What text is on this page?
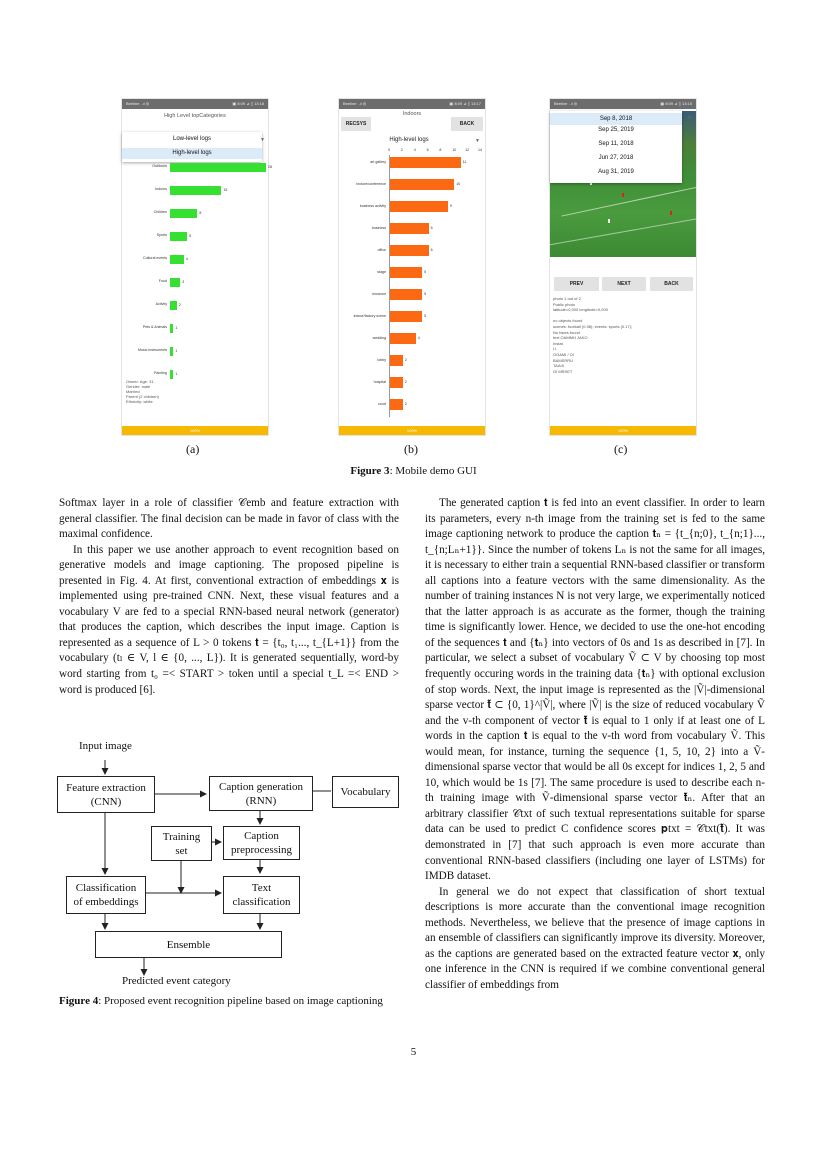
Beeline ..ıl ◎	▣ 8:09 ⊿ ▯ 13:18
High Level topCategories
Low-level logs
High-level logs
▼
Outdoors	28
Indoors	15
Children	8
Sports	5
Cultural events	4
Food	3
Activity	2
Pets & Animals 1
Music instruments 1
Painting 1
Owner: Age: 31
Gender: male
Married
Parent (2 children)
Ethnicity: white
100%
Beeline ..ıl ◎	▣ 8:09 ⊿ ▯ 13:17
Indoors
RECSYS	BACK
High-level logs	▼
0	2	4	6	8	10 12 14
art gallery	11
lecture/conference	10
business activity	9
business	6
office	6
stage	5
museum	5
indoor/factory scene	5
wedding	4
lobby	2
hospital	2
court	2
100%
Beeline ..ıl ◎	▣ 8:09 ⊿ ▯ 13:15
Sep 8, 2018
Sep 25, 2019
Sep 11, 2018
Jun 27, 2018
Aug 31, 2019
▼
PREV	NEXT	BACK
photo 1 out of 2
Public photo
latitude=0,000 longitude=0,000
no objects found
scenes: football (0.98); events: sports (0.17);
No faces found
text OAMMH JAKO
Instat
I.I.
OOAMI / OI
BAMSRRU
TAAIII
OI MRSET
100%
(a)	(b)	(c)
Figure 3: Mobile demo GUI

Softmax layer in a role of classifier 𝒞emb and feature extraction with general classifier. The final decision can be made in favor of class with the maximal confidence.

In this paper we use another approach to event recognition based on generative models and image captioning. The proposed pipeline is presented in Fig. 4. At first, conventional extraction of embeddings 𝐱 is implemented using pre-trained CNN. Next, these visual features and a vocabulary V are fed to a special RNN-based neural network (generator) that produces the caption, which describes the input image. Caption is represented as a sequence of L > 0 tokens 𝐭 = {t₀, t₁..., t_{L+1}} from the vocabulary (tₗ ∈ V, l ∈ {0, ..., L}). It is generated sequentially, word-by word starting from t₀ =< START > token until a special t_L =< END > word is produced [6].

Input image
Feature extraction
(CNN)
Caption generation
(RNN)
Vocabulary
Training
set
Caption
preprocessing
Classification
of embeddings
Text
classification
Ensemble
Predicted event category
Figure 4: Proposed event recognition pipeline based on image captioning

The generated caption 𝐭 is fed into an event classifier. In order to learn its parameters, every n-th image from the training set is fed to the same image captioning network to produce the caption 𝐭ₙ = {t_{n;0}, t_{n;1}..., t_{n;Lₙ+1}}. Since the number of tokens Lₙ is not the same for all images, it is necessary to either train a sequential RNN-based classifier or transform all captions into a feature vectors with the same dimensionality. As the number of training instances N is not very large, we experimentally noticed that the latter approach is as accurate as the former, though the training time is significantly lower. Hence, we decided to use the one-hot encoding of the sequences 𝐭 and {𝐭ₙ} into vectors of 0s and 1s as described in [7]. In particular, we select a subset of vocabulary Ṽ ⊂ V by choosing top most frequently occuring words in the training data {𝐭ₙ} with optional exclusion of stop words. Next, the input image is represented as the |Ṽ|-dimensional sparse vector 𝐭̃ ⊂ {0, 1}^|Ṽ|, where |Ṽ| is the size of reduced vocabulary Ṽ and the v-th component of vector 𝐭̃ is equal to 1 only if at least one of L words in the caption 𝐭 is equal to the v-th word from vocabulary Ṽ. This would mean, for instance, turning the sequence {1, 5, 10, 2} into a Ṽ-dimensional sparse vector that would be all 0s except for indices 1, 2, 5 and 10, which would be 1s [7]. The same procedure is used to describe each n-th training image with Ṽ-dimensional sparse vector 𝐭̃ₙ. After that an arbitrary classifier 𝒞txt of such textual representations suitable for sparse data can be used to predict C confidence scores 𝐩txt = 𝒞txt(𝐭̃). It was demonstrated in [7] that such approach is even more accurate than conventional RNN-based classifiers (including one layer of LSTMs) for IMDB dataset.

In general we do not expect that classification of short textual descriptions is more accurate than the conventional image recognition methods. Nevertheless, we believe that the presence of image captions in an ensemble of classifiers can significantly improve its diversity. Moreover, as the captions are generated based on the extracted feature vector 𝐱, only one inference in the CNN is required if we combine conventional general classifier of embeddings from

5
